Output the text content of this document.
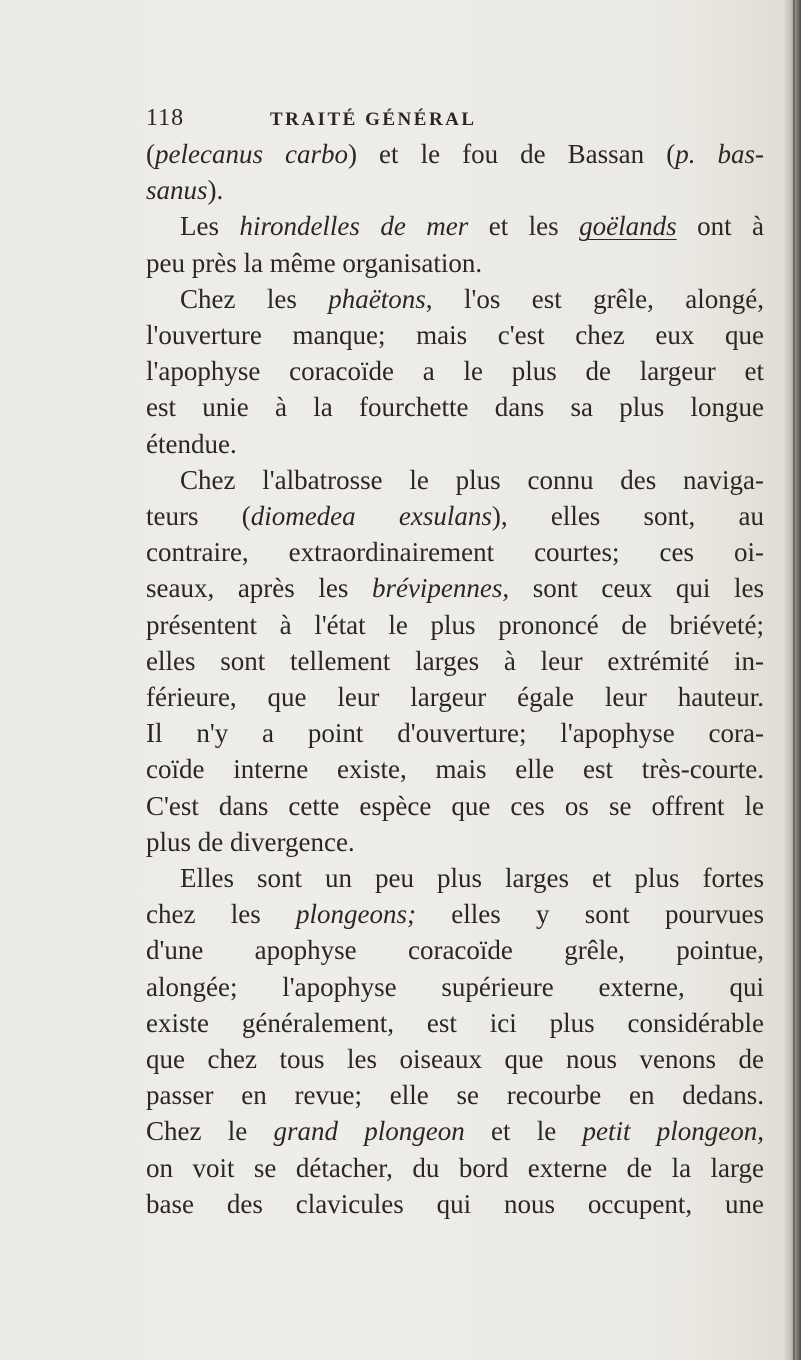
118	TRAITÉ GÉNÉRAL
(pelecanus carbo) et le fou de Bassan (p. bas-
sanus).
Les hirondelles de mer et les goëlands ont à
peu près la même organisation.
Chez les phaëtons, l'os est grêle, alongé,
l'ouverture manque; mais c'est chez eux que
l'apophyse coracoïde a le plus de largeur et
est unie à la fourchette dans sa plus longue
étendue.
Chez l'albatrosse le plus connu des naviga-
teurs (diomedea exsulans), elles sont, au
contraire, extraordinairement courtes; ces oi-
seaux, après les brévipennes, sont ceux qui les
présentent à l'état le plus prononcé de briéveté;
elles sont tellement larges à leur extrémité in-
férieure, que leur largeur égale leur hauteur.
Il n'y a point d'ouverture; l'apophyse cora-
coïde interne existe, mais elle est très-courte.
C'est dans cette espèce que ces os se offrent le
plus de divergence.
Elles sont un peu plus larges et plus fortes
chez les plongeons; elles y sont pourvues
d'une apophyse coracoïde grêle, pointue,
alongée; l'apophyse supérieure externe, qui
existe généralement, est ici plus considérable
que chez tous les oiseaux que nous venons de
passer en revue; elle se recourbe en dedans.
Chez le grand plongeon et le petit plongeon,
on voit se détacher, du bord externe de la large
base des clavicules qui nous occupent, une
